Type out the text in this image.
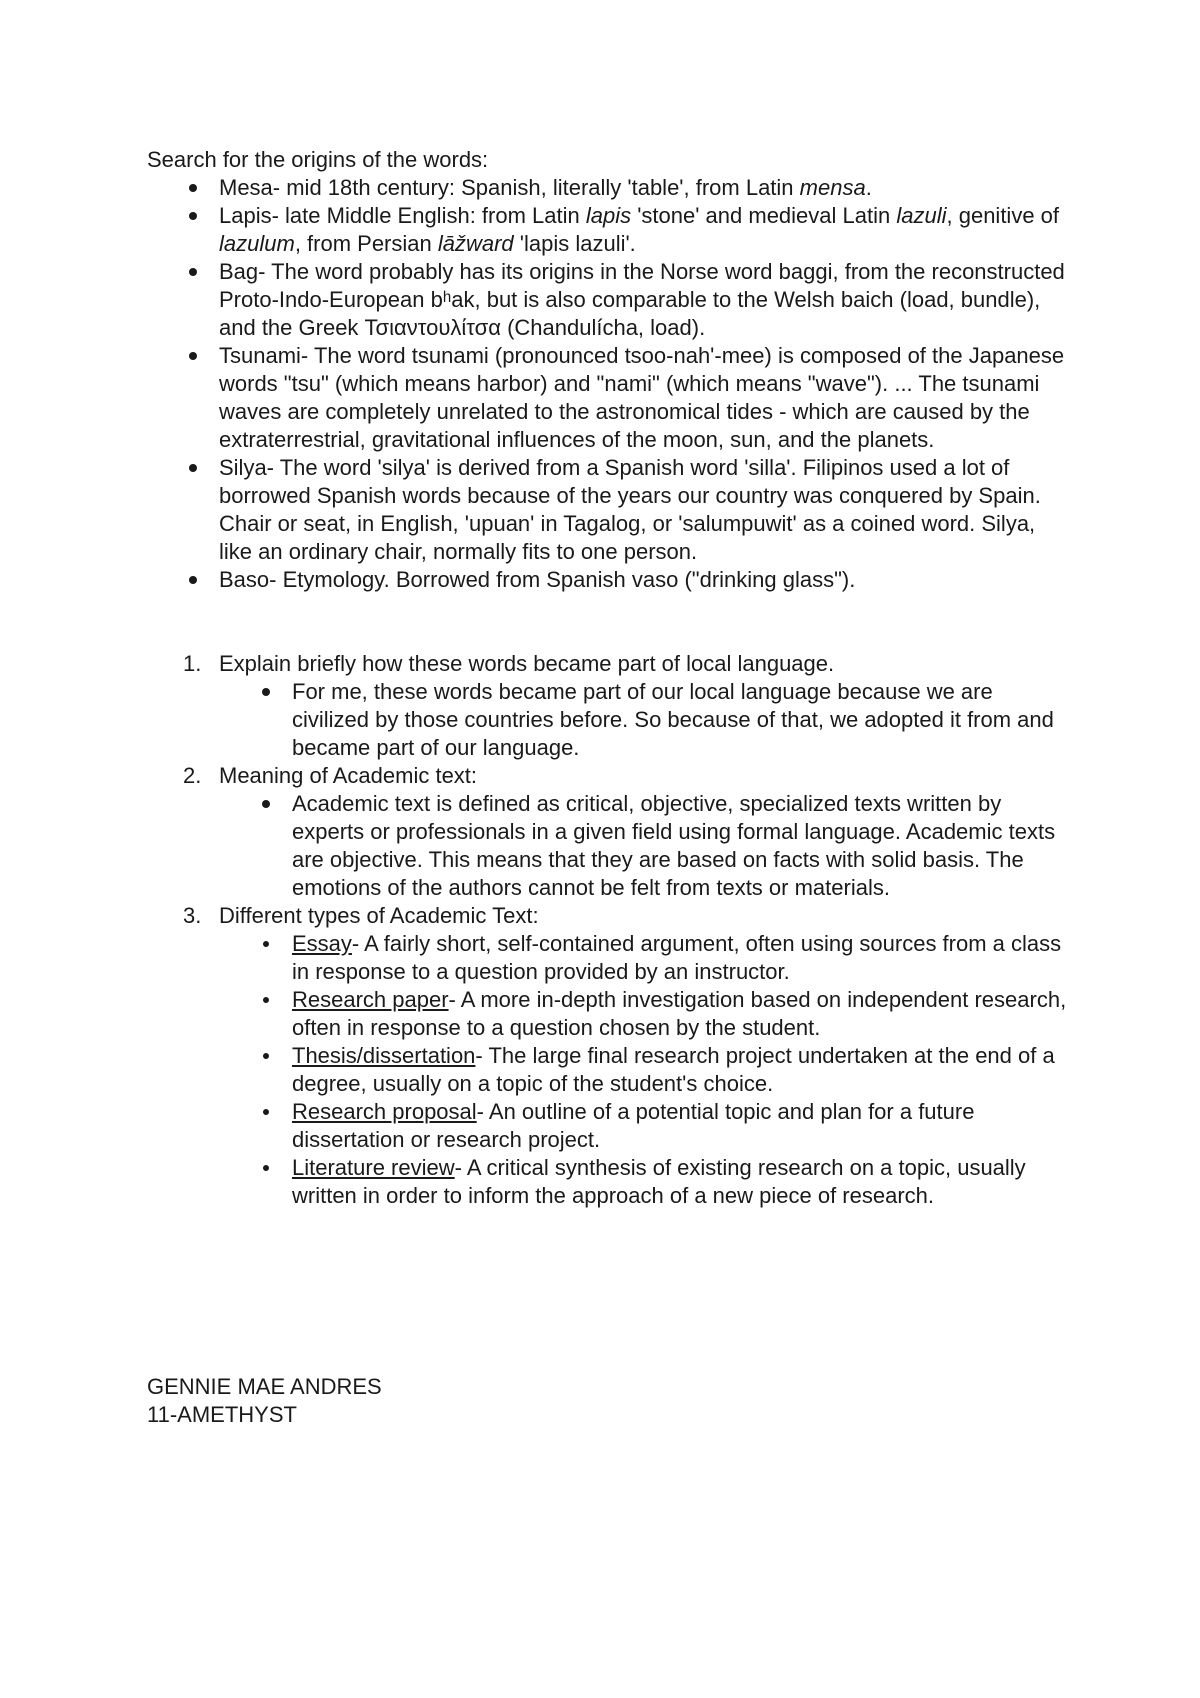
Search for the origins of the words:

Mesa- mid 18th century: Spanish, literally 'table', from Latin mensa.
Lapis- late Middle English: from Latin lapis 'stone' and medieval Latin lazuli, genitive of lazulum, from Persian lāžward 'lapis lazuli'.
Bag- The word probably has its origins in the Norse word baggi, from the reconstructed Proto-Indo-European bʰak, but is also comparable to the Welsh baich (load, bundle), and the Greek Τσιαντουλίτσα (Chandulícha, load).
Tsunami- The word tsunami (pronounced tsoo-nah'-mee) is composed of the Japanese words "tsu" (which means harbor) and "nami" (which means "wave"). ... The tsunami waves are completely unrelated to the astronomical tides - which are caused by the extraterrestrial, gravitational influences of the moon, sun, and the planets.
Silya- The word 'silya' is derived from a Spanish word 'silla'. Filipinos used a lot of borrowed Spanish words because of the years our country was conquered by Spain. Chair or seat, in English, 'upuan' in Tagalog, or 'salumpuwit' as a coined word. Silya, like an ordinary chair, normally fits to one person.
Baso- Etymology. Borrowed from Spanish vaso ("drinking glass").
1. Explain briefly how these words became part of local language.
For me, these words became part of our local language because we are civilized by those countries before. So because of that, we adopted it from and became part of our language.
2. Meaning of Academic text:
Academic text is defined as critical, objective, specialized texts written by experts or professionals in a given field using formal language. Academic texts are objective. This means that they are based on facts with solid basis. The emotions of the authors cannot be felt from texts or materials.
3. Different types of Academic Text:
Essay- A fairly short, self-contained argument, often using sources from a class in response to a question provided by an instructor.
Research paper- A more in-depth investigation based on independent research, often in response to a question chosen by the student.
Thesis/dissertation- The large final research project undertaken at the end of a degree, usually on a topic of the student's choice.
Research proposal- An outline of a potential topic and plan for a future dissertation or research project.
Literature review- A critical synthesis of existing research on a topic, usually written in order to inform the approach of a new piece of research.
GENNIE MAE ANDRES
11-AMETHYST
